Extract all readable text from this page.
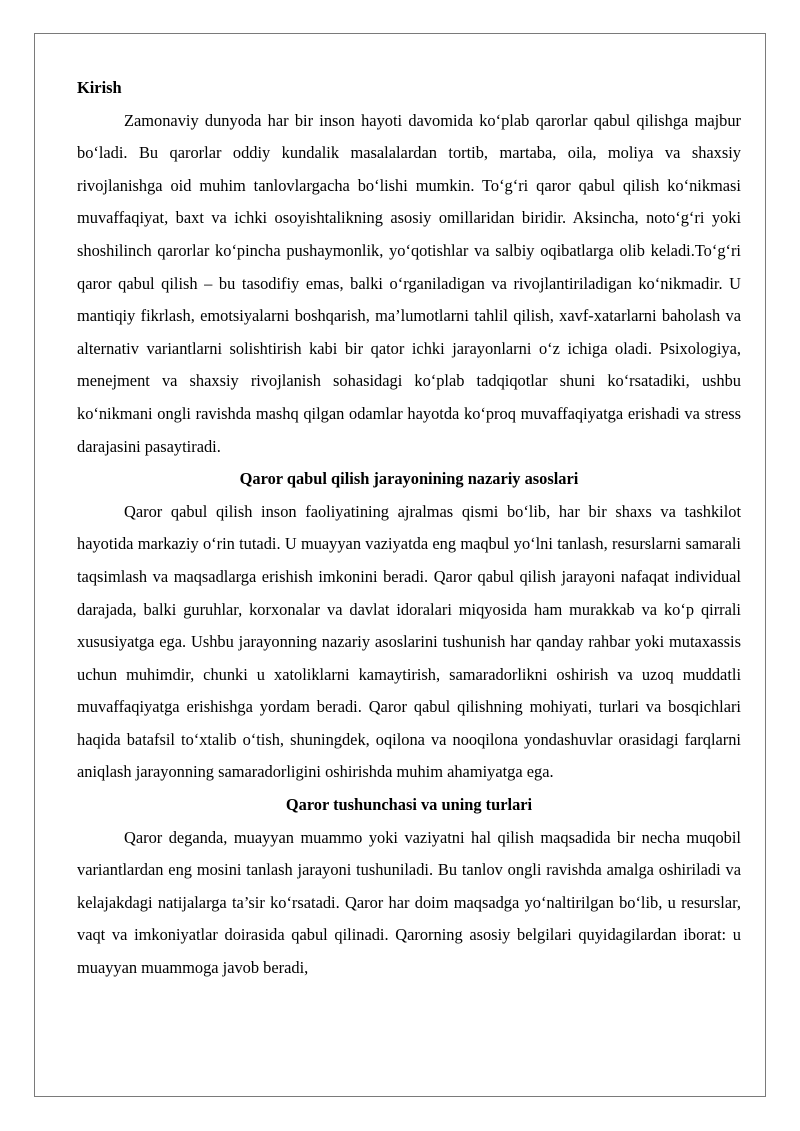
Kirish

Zamonaviy dunyoda har bir inson hayoti davomida ko‘plab qarorlar qabul qilishga majbur bo‘ladi. Bu qarorlar oddiy kundalik masalalardan tortib, martaba, oila, moliya va shaxsiy rivojlanishga oid muhim tanlovlargacha bo‘lishi mumkin. To‘g‘ri qaror qabul qilish ko‘nikmasi muvaffaqiyat, baxt va ichki osoyishtalikning asosiy omillaridan biridir. Aksincha, noto‘g‘ri yoki shoshilinch qarorlar ko‘pincha pushaymonlik, yo‘qotishlar va salbiy oqibatlarga olib keladi.To‘g‘ri qaror qabul qilish – bu tasodifiy emas, balki o‘rganiladigan va rivojlantiriladigan ko‘nikmadir. U mantiqiy fikrlash, emotsiyalarni boshqarish, ma’lumotlarni tahlil qilish, xavf-xatarlarni baholash va alternativ variantlarni solishtirish kabi bir qator ichki jarayonlarni o‘z ichiga oladi. Psixologiya, menejment va shaxsiy rivojlanish sohasidagi ko‘plab tadqiqotlar shuni ko‘rsatadiki, ushbu ko‘nikmani ongli ravishda mashq qilgan odamlar hayotda ko‘proq muvaffaqiyatga erishadi va stress darajasini pasaytiradi.

Qaror qabul qilish jarayonining nazariy asoslari

Qaror qabul qilish inson faoliyatining ajralmas qismi bo‘lib, har bir shaxs va tashkilot hayotida markaziy o‘rin tutadi. U muayyan vaziyatda eng maqbul yo‘lni tanlash, resurslarni samarali taqsimlash va maqsadlarga erishish imkonini beradi. Qaror qabul qilish jarayoni nafaqat individual darajada, balki guruhlar, korxonalar va davlat idoralari miqyosida ham murakkab va ko‘p qirrali xususiyatga ega. Ushbu jarayonning nazariy asoslarini tushunish har qanday rahbar yoki mutaxassis uchun muhimdir, chunki u xatoliklarni kamaytirish, samaradorlikni oshirish va uzoq muddatli muvaffaqiyatga erishishga yordam beradi. Qaror qabul qilishning mohiyati, turlari va bosqichlari haqida batafsil to‘xtalib o‘tish, shuningdek, oqilona va nooqilona yondashuvlar orasidagi farqlarni aniqlash jarayonning samaradorligini oshirishda muhim ahamiyatga ega.

Qaror tushunchasi va uning turlari

Qaror deganda, muayyan muammo yoki vaziyatni hal qilish maqsadida bir necha muqobil variantlardan eng mosini tanlash jarayoni tushuniladi. Bu tanlov ongli ravishda amalga oshiriladi va kelajakdagi natijalarga ta’sir ko‘rsatadi. Qaror har doim maqsadga yo‘naltirilgan bo‘lib, u resurslar, vaqt va imkoniyatlar doirasida qabul qilinadi. Qarorning asosiy belgilari quyidagilardan iborat: u muayyan muammoga javob beradi,
